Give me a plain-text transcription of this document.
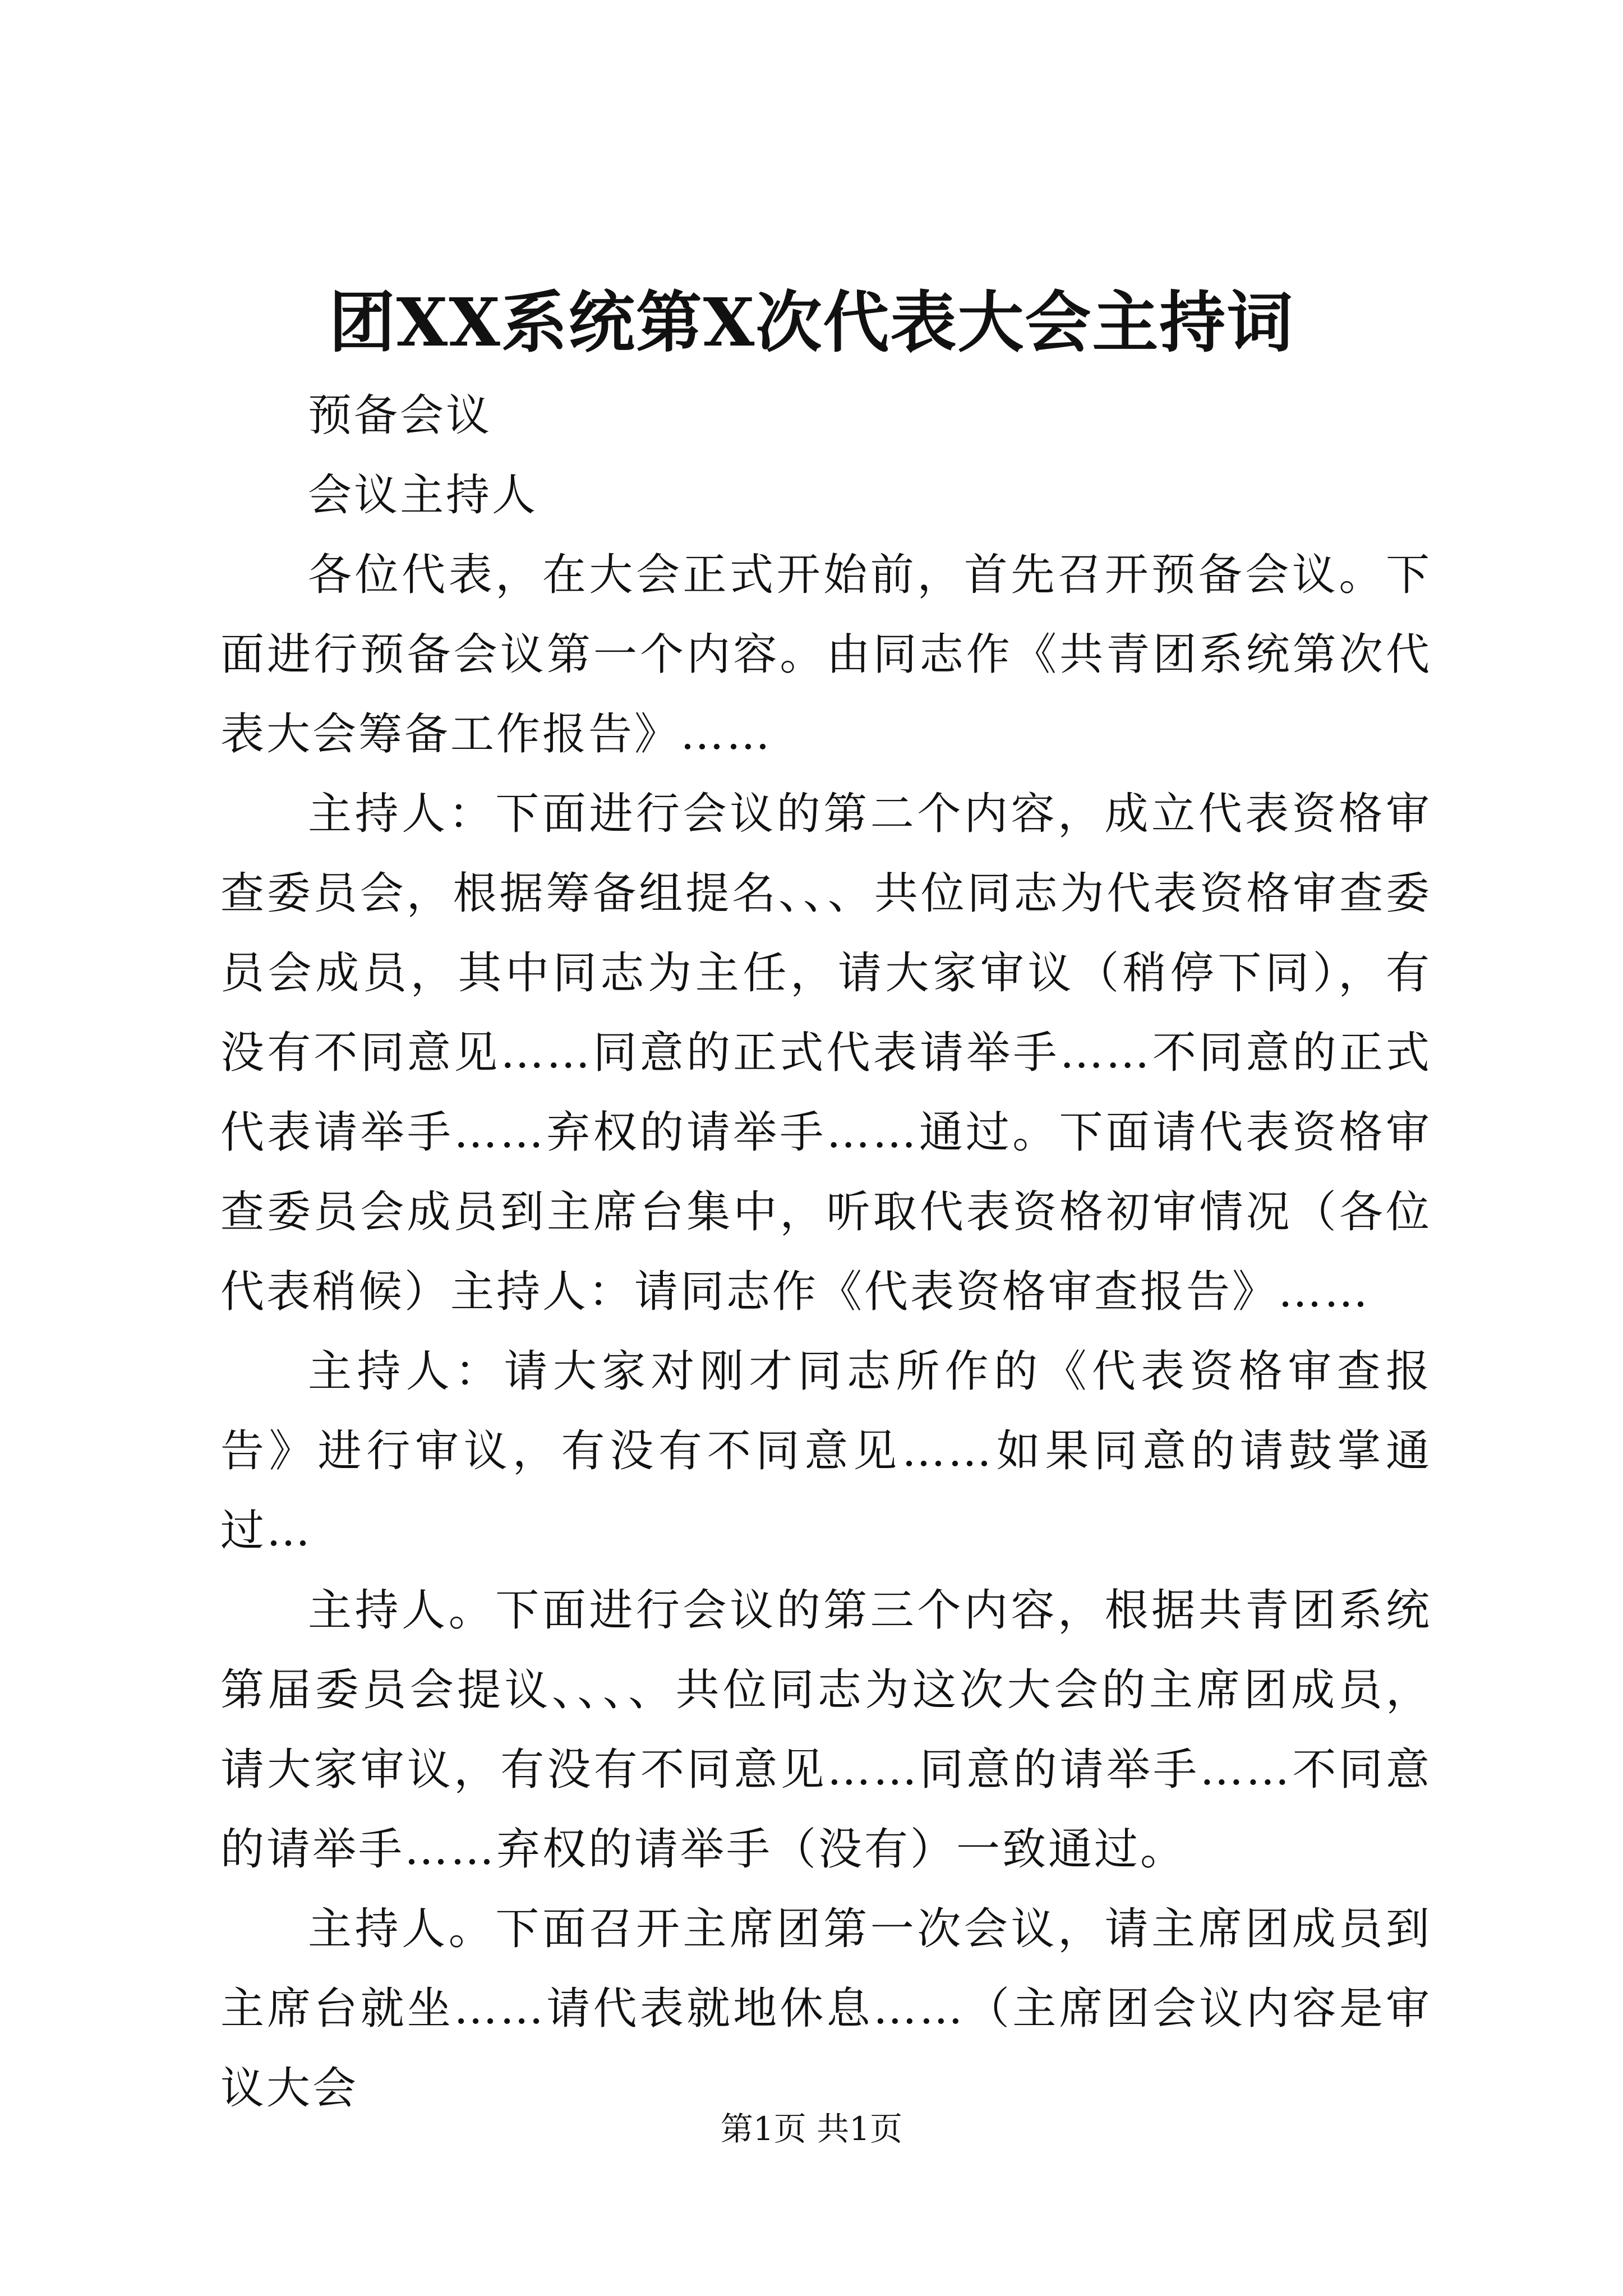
团XX系统第X次代表大会主持词

预备会议

会议主持人

各位代表，在大会正式开始前，首先召开预备会议。下面进行预备会议第一个内容。由同志作《共青团系统第次代表大会筹备工作报告》……

主持人：下面进行会议的第二个内容，成立代表资格审查委员会，根据筹备组提名、、、共位同志为代表资格审查委员会成员，其中同志为主任，请大家审议（稍停下同），有没有不同意见……同意的正式代表请举手……不同意的正式代表请举手……弃权的请举手……通过。下面请代表资格审查委员会成员到主席台集中，听取代表资格初审情况（各位代表稍候）主持人：请同志作《代表资格审查报告》……

主持人：请大家对刚才同志所作的《代表资格审查报告》进行审议，有没有不同意见……如果同意的请鼓掌通过…

主持人。下面进行会议的第三个内容，根据共青团系统第届委员会提议、、、、共位同志为这次大会的主席团成员，请大家审议，有没有不同意见……同意的请举手……不同意的请举手……弃权的请举手（没有）一致通过。

主持人。下面召开主席团第一次会议，请主席团成员到主席台就坐……请代表就地休息……（主席团会议内容是审议大会

第1页 共1页
